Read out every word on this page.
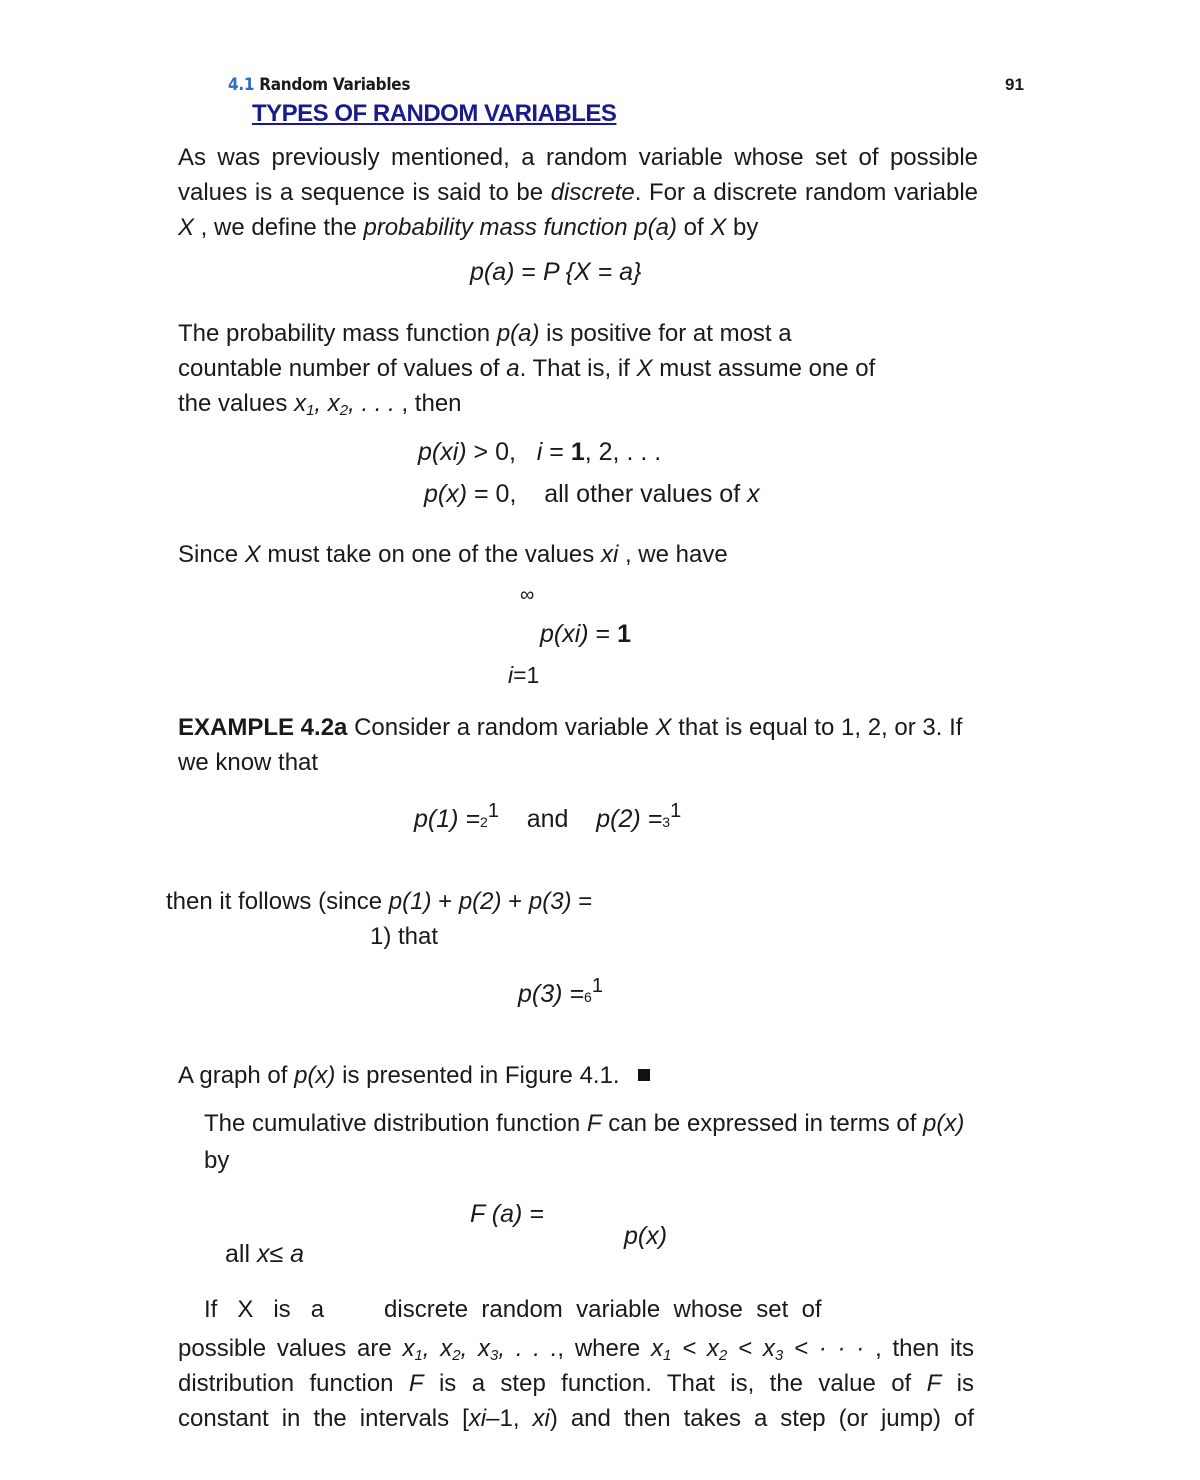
4.1 Random Variables	91
TYPES OF RANDOM VARIABLES
As was previously mentioned, a random variable whose set of possible
values is a sequence is said to be discrete. For a discrete random variable
X , we define the probability mass function p(a) of X by
p(a) = P {X = a}
The probability mass function p(a) is positive for at most a
countable number of values of a. That is, if X must assume one of
the values $x_1$, $x_2$, . . . , then
p(xi) > 0, i = 1, 2, . . .
p(x) = 0, all other values of x
Since X must take on one of the values xi , we have
∞
p(xi) = 1
i=1
EXAMPLE 4.2a Consider a random variable X that is equal to 1, 2, or 3. If
we know that
$p(1) =2^1$ and $p(2) =3^1$
then it follows (since p(1) + p(2) + p(3) =
1) that
$p(3) =6^1$
A graph of p(x) is presented in Figure 4.1.
The cumulative distribution function F can be expressed in terms of p(x)
by
F (a) =
p(x)
all x≤ a
If   X   is   a         discrete  random  variable  whose  set  of
possible values are $x_1$, $x_2$, $x_3$, . . ., where $x_1 < x_2 < x_3$ < · · · , then its
distribution function F is a step function. That is, the value of F is
constant in the intervals [xi–1, xi) and then takes a step (or jump) of
